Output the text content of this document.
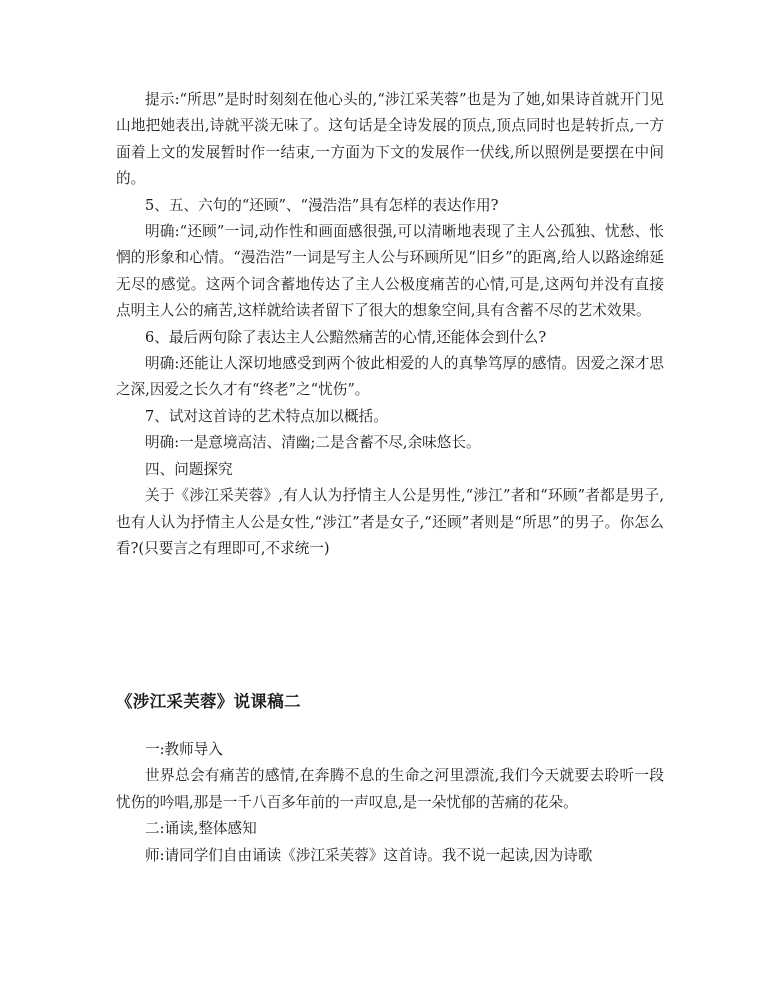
提示:“所思”是时时刻刻在他心头的,“涉江采芙蓉”也是为了她,如果诗首就开门见山地把她表出,诗就平淡无味了。这句话是全诗发展的顶点,顶点同时也是转折点,一方面着上文的发展暂时作一结束,一方面为下文的发展作一伏线,所以照例是要摆在中间的。

5、五、六句的“还顾”、“漫浩浩”具有怎样的表达作用?

明确:“还顾”一词,动作性和画面感很强,可以清晰地表现了主人公孤独、忧愁、怅惘的形象和心情。“漫浩浩”一词是写主人公与环顾所见“旧乡”的距离,给人以路途绵延无尽的感觉。这两个词含蓄地传达了主人公极度痛苦的心情,可是,这两句并没有直接点明主人公的痛苦,这样就给读者留下了很大的想象空间,具有含蓄不尽的艺术效果。

6、最后两句除了表达主人公黯然痛苦的心情,还能体会到什么?

明确:还能让人深切地感受到两个彼此相爱的人的真挚笃厚的感情。因爱之深才思之深,因爱之长久才有“终老”之“忧伤”。

7、试对这首诗的艺术特点加以概括。

明确:一是意境高洁、清幽;二是含蓄不尽,余味悠长。

四、问题探究

关于《涉江采芙蓉》,有人认为抒情主人公是男性,“涉江”者和“环顾”者都是男子,也有人认为抒情主人公是女性,“涉江”者是女子,“还顾”者则是“所思”的男子。你怎么看?(只要言之有理即可,不求统一)

《涉江采芙蓉》说课稿二

一:教师导入

世界总会有痛苦的感情,在奔腾不息的生命之河里漂流,我们今天就要去聆听一段忧伤的吟唱,那是一千八百多年前的一声叹息,是一朵忧郁的苦痛的花朵。

二:诵读,整体感知

师:请同学们自由诵读《涉江采芙蓉》这首诗。我不说一起读,因为诗歌
